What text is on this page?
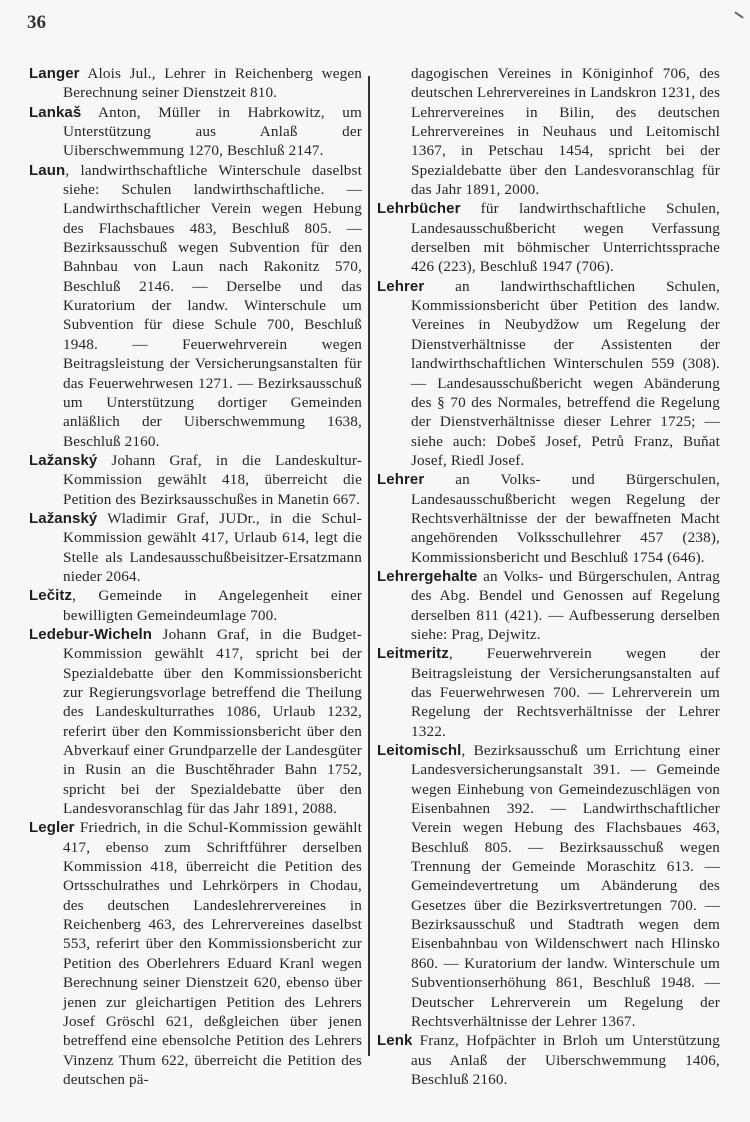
36

Langer Alois Jul., Lehrer in Reichenberg wegen Berechnung seiner Dienstzeit 810.

Lankaš Anton, Müller in Habrkowitz, um Unterstützung aus Anlaß der Uiberschwemmung 1270, Beschluß 2147.

Laun, landwirthschaftliche Winterschule daselbst siehe: Schulen landwirthschaftliche. — Landwirthschaftlicher Verein wegen Hebung des Flachsbaues 483, Beschluß 805. — Bezirksausschuß wegen Subvention für den Bahnbau von Laun nach Rakonitz 570, Beschluß 2146. — Derselbe und das Kuratorium der landw. Winterschule um Subvention für diese Schule 700, Beschluß 1948. — Feuerwehrverein wegen Beitragsleistung der Versicherungsanstalten für das Feuerwehrwesen 1271. — Bezirksausschuß um Unterstützung dortiger Gemeinden anläßlich der Uiberschwemmung 1638, Beschluß 2160.

Lažanský Johann Graf, in die Landeskultur-Kommission gewählt 418, überreicht die Petition des Bezirksausschußes in Manetin 667.

Lažanský Wladimir Graf, JUDr., in die Schul-Kommission gewählt 417, Urlaub 614, legt die Stelle als Landesausschußbeisitzer-Ersatzmann nieder 2064.

Lečitz, Gemeinde in Angelegenheit einer bewilligten Gemeindeumlage 700.

Ledebur-Wicheln Johann Graf, in die Budget-Kommission gewählt 417, spricht bei der Spezialdebatte über den Kommissionsbericht zur Regierungsvorlage betreffend die Theilung des Landeskulturrathes 1086, Urlaub 1232, referirt über den Kommissionsbericht über den Abverkauf einer Grundparzelle der Landesgüter in Rusin an die Buschtěhrader Bahn 1752, spricht bei der Spezialdebatte über den Landesvoranschlag für das Jahr 1891, 2088.

Legler Friedrich, in die Schul-Kommission gewählt 417, ebenso zum Schriftführer derselben Kommission 418, überreicht die Petition des Ortsschulrathes und Lehrkörpers in Chodau, des deutschen Landeslehrervereines in Reichenberg 463, des Lehrervereines daselbst 553, referirt über den Kommissionsbericht zur Petition des Oberlehrers Eduard Kranl wegen Berechnung seiner Dienstzeit 620, ebenso über jenen zur gleichartigen Petition des Lehrers Josef Gröschl 621, deßgleichen über jenen betreffend eine ebensolche Petition des Lehrers Vinzenz Thum 622, überreicht die Petition des deutschen pä-

dagogischen Vereines in Königinhof 706, des deutschen Lehrervereines in Landskron 1231, des Lehrervereines in Bilin, des deutschen Lehrervereines in Neuhaus und Leitomischl 1367, in Petschau 1454, spricht bei der Spezialdebatte über den Landesvoranschlag für das Jahr 1891, 2000.

Lehrbücher für landwirthschaftliche Schulen, Landesausschußbericht wegen Verfassung derselben mit böhmischer Unterrichtssprache 426 (223), Beschluß 1947 (706).

Lehrer an landwirthschaftlichen Schulen, Kommissionsbericht über Petition des landw. Vereines in Neubydžow um Regelung der Dienstverhältnisse der Assistenten der landwirthschaftlichen Winterschulen 559 (308). — Landesausschußbericht wegen Abänderung des § 70 des Normales, betreffend die Regelung der Dienstverhältnisse dieser Lehrer 1725; — siehe auch: Dobeš Josef, Petrů Franz, Buňat Josef, Riedl Josef.

Lehrer an Volks- und Bürgerschulen, Landesausschußbericht wegen Regelung der Rechtsverhältnisse der der bewaffneten Macht angehörenden Volksschullehrer 457 (238), Kommissionsbericht und Beschluß 1754 (646).

Lehrergehalte an Volks- und Bürgerschulen, Antrag des Abg. Bendel und Genossen auf Regelung derselben 811 (421). — Aufbesserung derselben siehe: Prag, Dejwitz.

Leitmeritz, Feuerwehrverein wegen der Beitragsleistung der Versicherungsanstalten auf das Feuerwehrwesen 700. — Lehrerverein um Regelung der Rechtsverhältnisse der Lehrer 1322.

Leitomischl, Bezirksausschuß um Errichtung einer Landesversicherungsanstalt 391. — Gemeinde wegen Einhebung von Gemeindezuschlägen von Eisenbahnen 392. — Landwirthschaftlicher Verein wegen Hebung des Flachsbaues 463, Beschluß 805. — Bezirksausschuß wegen Trennung der Gemeinde Moraschitz 613. — Gemeindevertretung um Abänderung des Gesetzes über die Bezirksvertretungen 700. — Bezirksausschuß und Stadtrath wegen dem Eisenbahnbau von Wildenschwert nach Hlinsko 860. — Kuratorium der landw. Winterschule um Subventionserhöhung 861, Beschluß 1948. — Deutscher Lehrerverein um Regelung der Rechtsverhältnisse der Lehrer 1367.

Lenk Franz, Hofpächter in Brloh um Unterstützung aus Anlaß der Uiberschwemmung 1406, Beschluß 2160.
